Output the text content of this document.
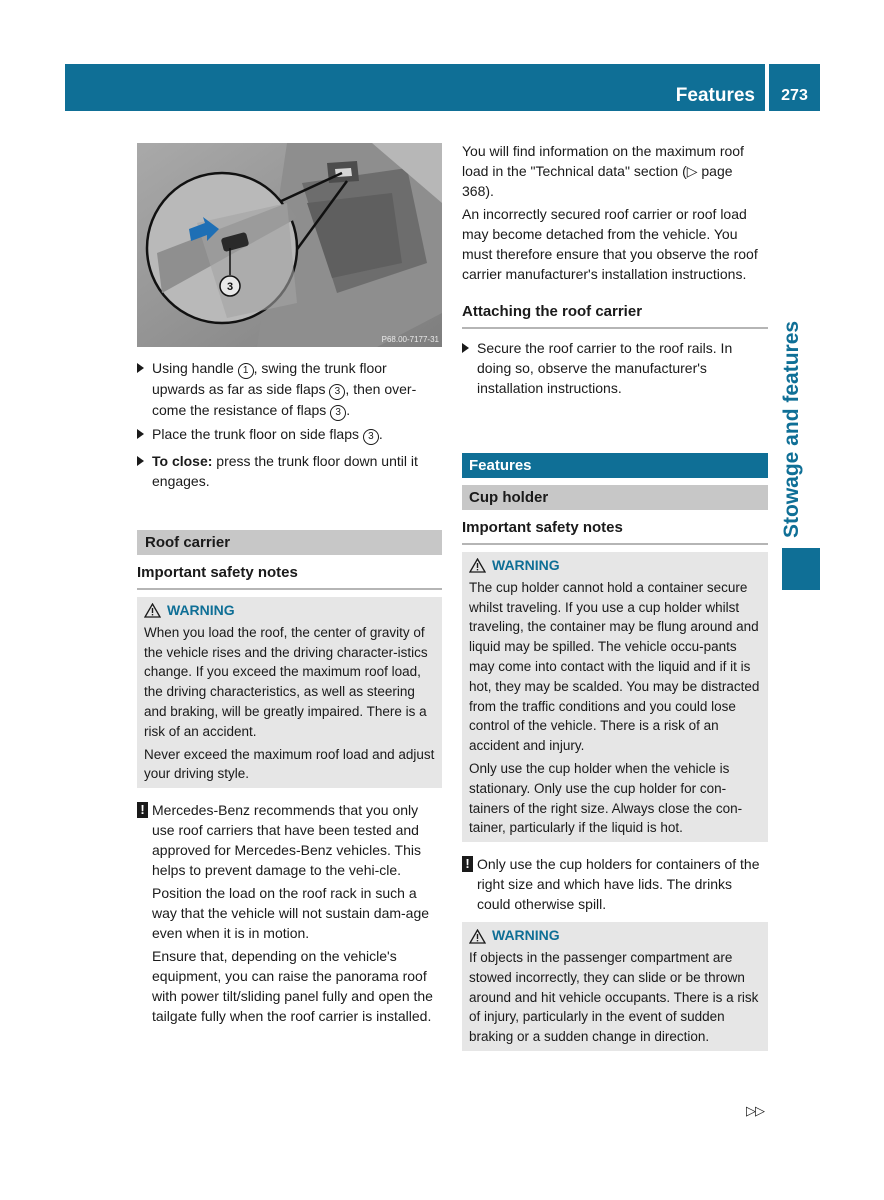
Features	273
Stowage and features
3
P68.00-7177-31
Using handle 1 , swing the trunk floor upwards as far as side flaps 3 , then over-come the resistance of flaps 3 .
Place the trunk floor on side flaps 3 .
To close: press the trunk floor down until it engages.
Roof carrier
Important safety notes
WARNING

When you load the roof, the center of gravity of the vehicle rises and the driving character-istics change. If you exceed the maximum roof load, the driving characteristics, as well as steering and braking, will be greatly impaired. There is a risk of an accident.

Never exceed the maximum roof load and adjust your driving style.

! Mercedes-Benz recommends that you only use roof carriers that have been tested and approved for Mercedes-Benz vehicles. This helps to prevent damage to the vehi-cle.

Position the load on the roof rack in such a way that the vehicle will not sustain dam-age even when it is in motion.

Ensure that, depending on the vehicle's equipment, you can raise the panorama roof with power tilt/sliding panel fully and open the tailgate fully when the roof carrier is installed.

You will find information on the maximum roof load in the "Technical data" section (▷ page 368).

An incorrectly secured roof carrier or roof load may become detached from the vehicle. You must therefore ensure that you observe the roof carrier manufacturer's installation instructions.

Attaching the roof carrier
Secure the roof carrier to the roof rails. In doing so, observe the manufacturer's installation instructions.
Features
Cup holder
Important safety notes
WARNING

The cup holder cannot hold a container secure whilst traveling. If you use a cup holder whilst traveling, the container may be flung around and liquid may be spilled. The vehicle occu-pants may come into contact with the liquid and if it is hot, they may be scalded. You may be distracted from the traffic conditions and you could lose control of the vehicle. There is a risk of an accident and injury.

Only use the cup holder when the vehicle is stationary. Only use the cup holder for con-tainers of the right size. Always close the con-tainer, particularly if the liquid is hot.

! Only use the cup holders for containers of the right size and which have lids. The drinks could otherwise spill.

WARNING

If objects in the passenger compartment are stowed incorrectly, they can slide or be thrown around and hit vehicle occupants. There is a risk of injury, particularly in the event of sudden braking or a sudden change in direction.

▷▷
